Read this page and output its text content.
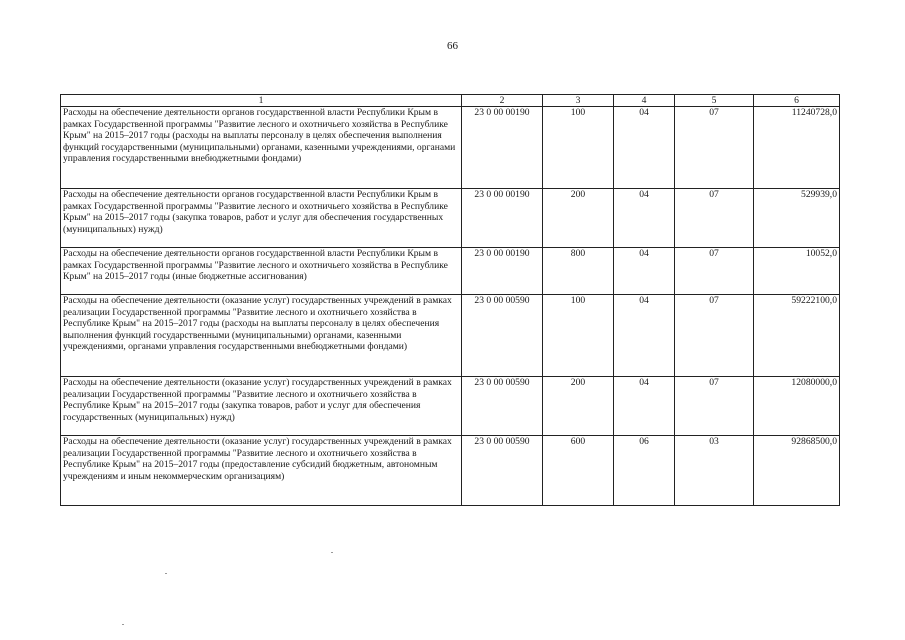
66
1	2	3	4	5	6
Расходы на обеспечение деятельности органов государственной власти Республики Крым в рамках Государственной программы "Развитие лесного и охотничьего хозяйства в Республике Крым" на 2015–2017 годы (расходы на выплаты персоналу в целях обеспечения выполнения функций государственными (муниципальными) органами, казенными учреждениями, органами управления государственными внебюджетными фондами)	23 0 00 00190	100	04	07	11240728,0
Расходы на обеспечение деятельности органов государственной власти Республики Крым в рамках Государственной программы "Развитие лесного и охотничьего хозяйства в Республике Крым" на 2015–2017 годы (закупка товаров, работ и услуг для обеспечения государственных (муниципальных) нужд)	23 0 00 00190	200	04	07	529939,0
Расходы на обеспечение деятельности органов государственной власти Республики Крым в рамках Государственной программы "Развитие лесного и охотничьего хозяйства в Республике Крым" на 2015–2017 годы (иные бюджетные ассигнования)	23 0 00 00190	800	04	07	10052,0
Расходы на обеспечение деятельности (оказание услуг) государственных учреждений в рамках реализации Государственной программы "Развитие лесного и охотничьего хозяйства в Республике Крым" на 2015–2017 годы (расходы на выплаты персоналу в целях обеспечения выполнения функций государственными (муниципальными) органами, казенными учреждениями, органами управления государственными внебюджетными фондами)	23 0 00 00590	100	04	07	59222100,0
Расходы на обеспечение деятельности (оказание услуг) государственных учреждений в рамках реализации Государственной программы "Развитие лесного и охотничьего хозяйства в Республике Крым" на 2015–2017 годы (закупка товаров, работ и услуг для обеспечения государственных (муниципальных) нужд)	23 0 00 00590	200	04	07	12080000,0
Расходы на обеспечение деятельности (оказание услуг) государственных учреждений в рамках реализации Государственной программы "Развитие лесного и охотничьего хозяйства в Республике Крым" на 2015–2017 годы (предоставление субсидий бюджетным, автономным учреждениям и иным некоммерческим организациям)	23 0 00 00590	600	06	03	92868500,0
